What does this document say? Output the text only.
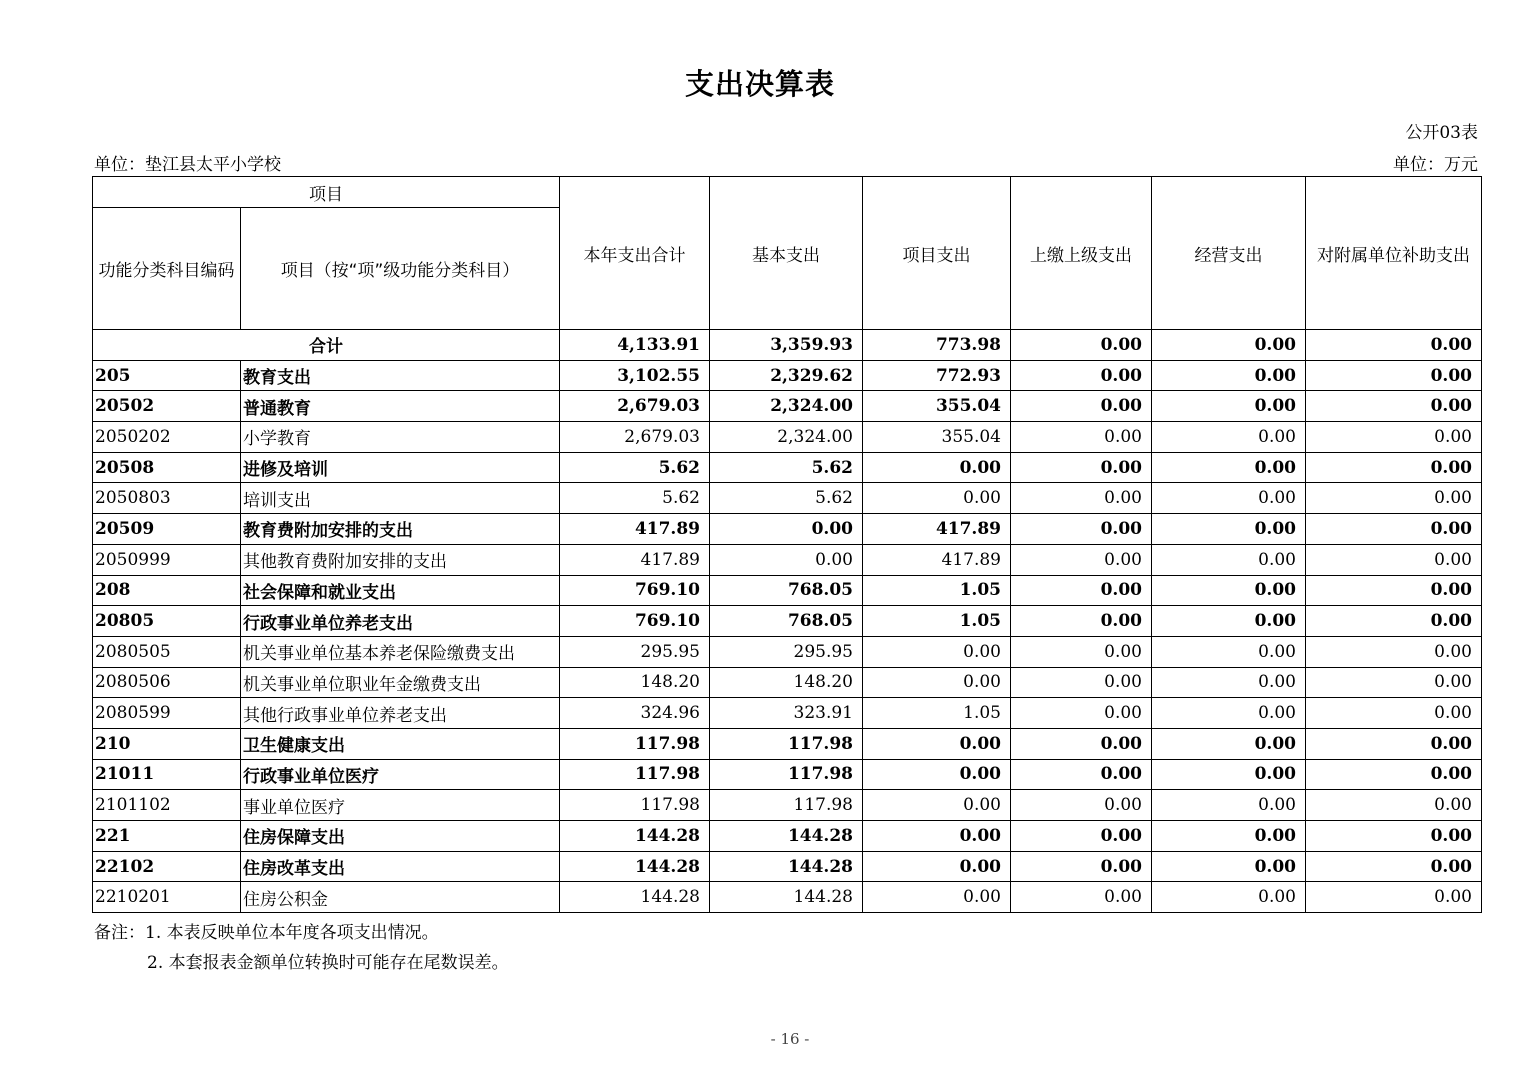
支出决算表
公开03表
单位：垫江县太平小学校	单位：万元
项目		本年支出合计	基本支出	项目支出	上缴上级支出	经营支出	对附属单位补助支出
功能分类科目编码	项目（按“项”级功能分类科目）						
合计		4,133.91	3,359.93	773.98	0.00	0.00	0.00
205	教育支出	3,102.55	2,329.62	772.93	0.00	0.00	0.00
20502	普通教育	2,679.03	2,324.00	355.04	0.00	0.00	0.00
2050202	小学教育	2,679.03	2,324.00	355.04	0.00	0.00	0.00
20508	进修及培训	5.62	5.62	0.00	0.00	0.00	0.00
2050803	培训支出	5.62	5.62	0.00	0.00	0.00	0.00
20509	教育费附加安排的支出	417.89	0.00	417.89	0.00	0.00	0.00
2050999	其他教育费附加安排的支出	417.89	0.00	417.89	0.00	0.00	0.00
208	社会保障和就业支出	769.10	768.05	1.05	0.00	0.00	0.00
20805	行政事业单位养老支出	769.10	768.05	1.05	0.00	0.00	0.00
2080505	机关事业单位基本养老保险缴费支出	295.95	295.95	0.00	0.00	0.00	0.00
2080506	机关事业单位职业年金缴费支出	148.20	148.20	0.00	0.00	0.00	0.00
2080599	其他行政事业单位养老支出	324.96	323.91	1.05	0.00	0.00	0.00
210	卫生健康支出	117.98	117.98	0.00	0.00	0.00	0.00
21011	行政事业单位医疗	117.98	117.98	0.00	0.00	0.00	0.00
2101102	事业单位医疗	117.98	117.98	0.00	0.00	0.00	0.00
221	住房保障支出	144.28	144.28	0.00	0.00	0.00	0.00
22102	住房改革支出	144.28	144.28	0.00	0.00	0.00	0.00
2210201	住房公积金	144.28	144.28	0.00	0.00	0.00	0.00
备注：1. 本表反映单位本年度各项支出情况。
2. 本套报表金额单位转换时可能存在尾数误差。
- 16 -
